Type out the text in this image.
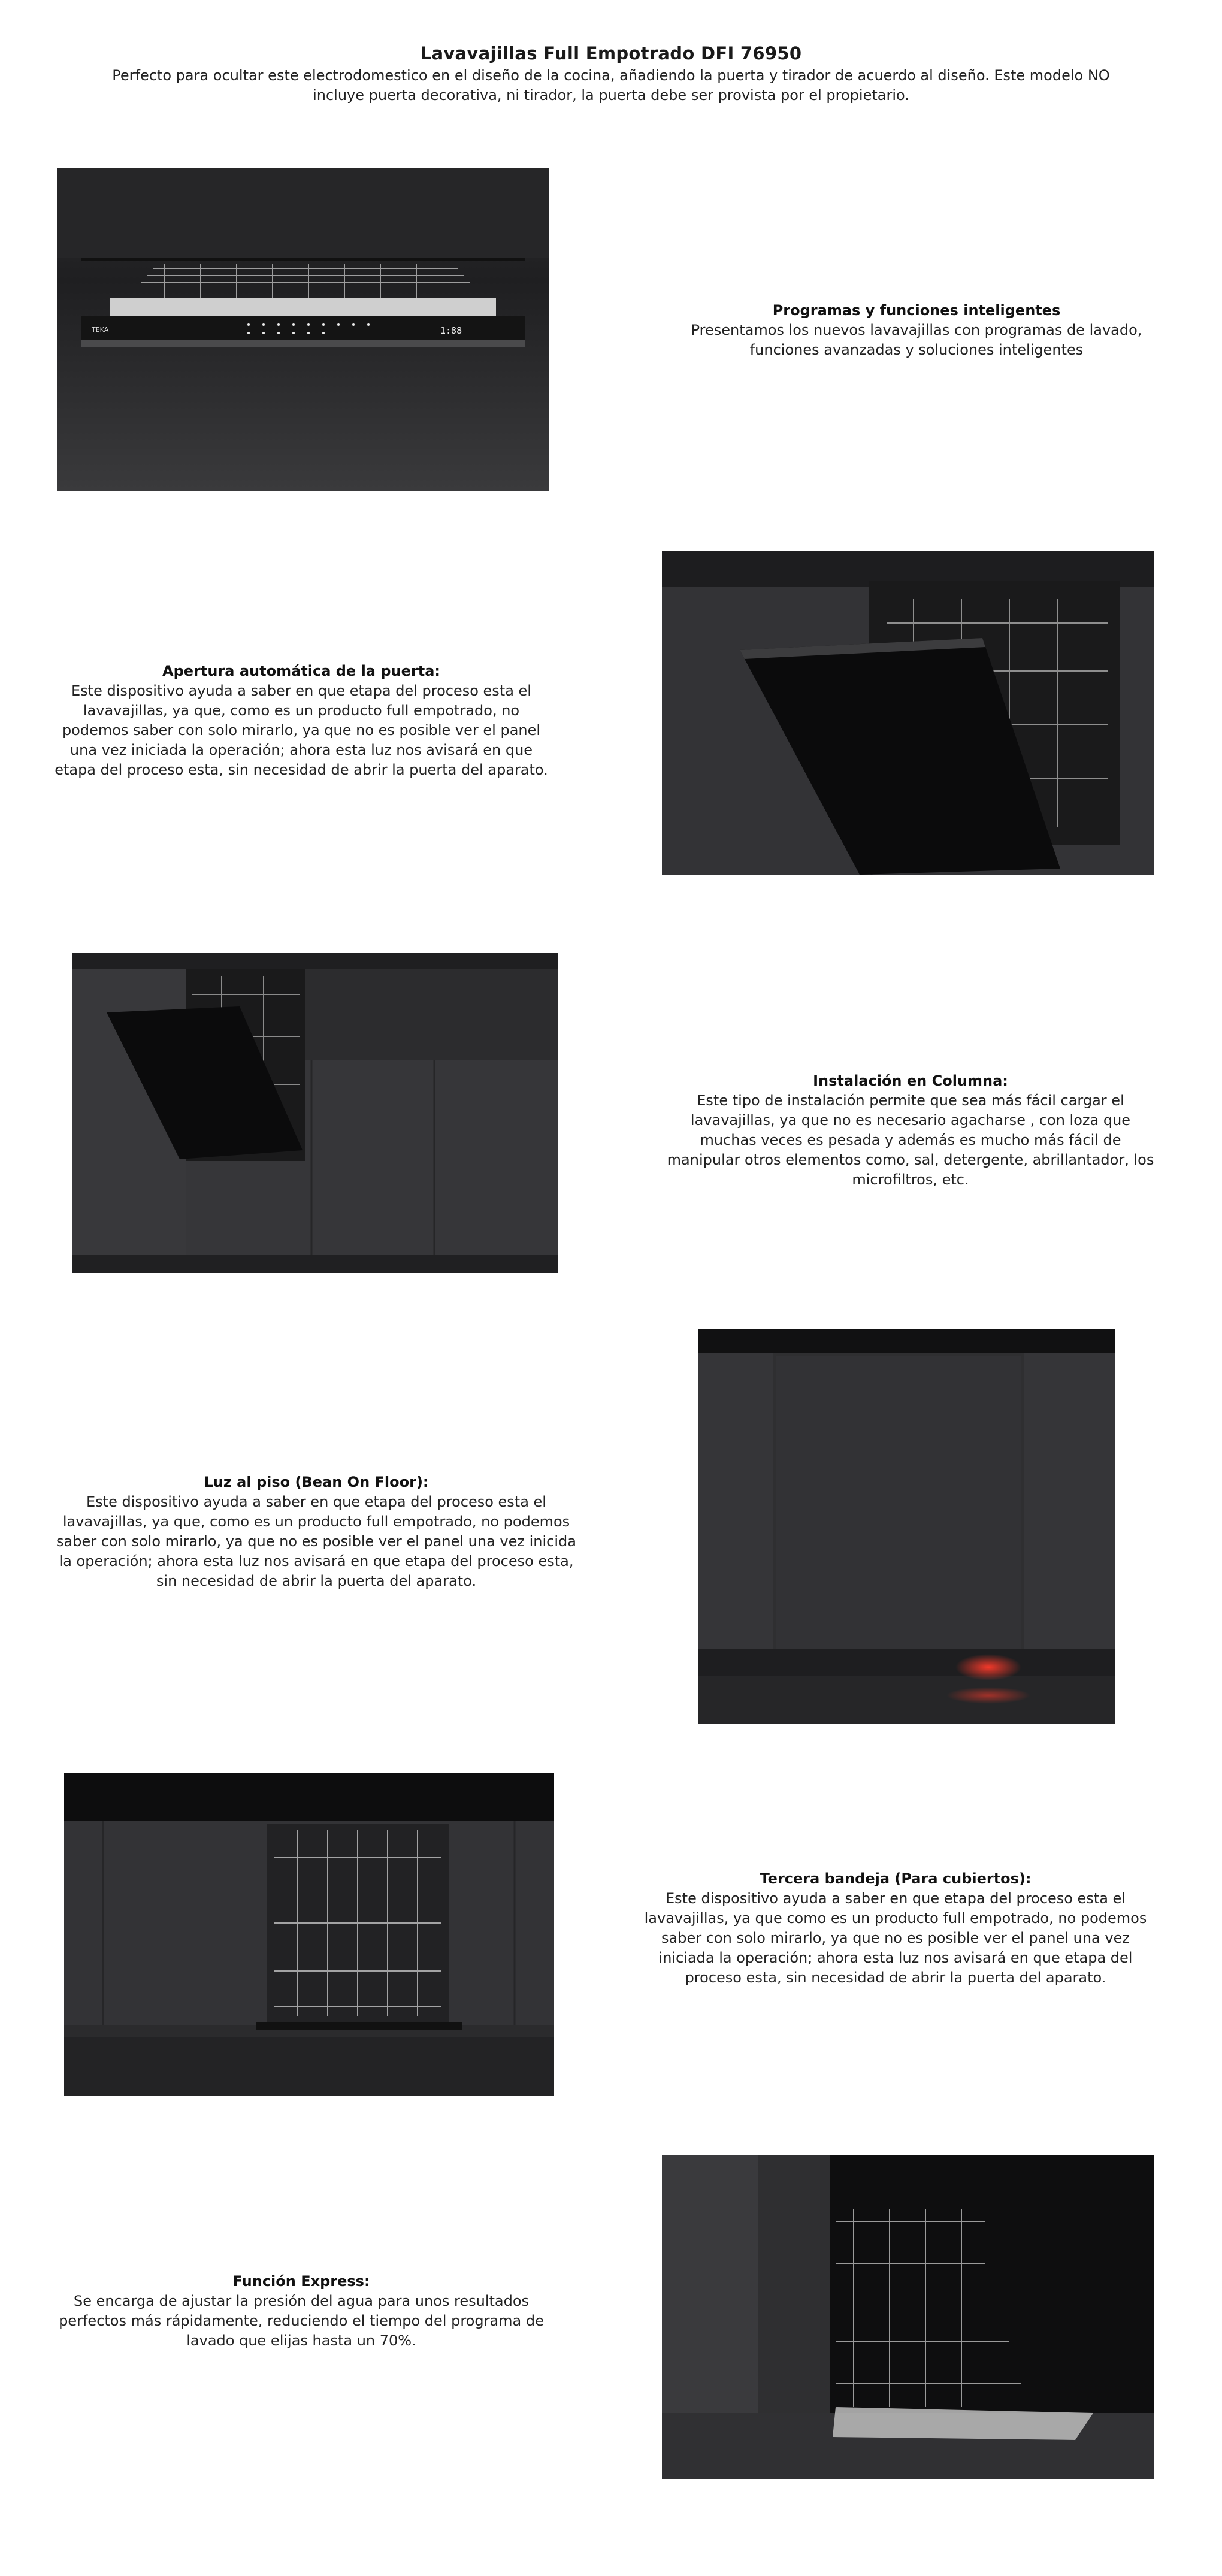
Lavavajillas Full Empotrado DFI 76950

Perfecto para ocultar este electrodomestico en el diseño de la cocina, añadiendo la puerta y tirador de acuerdo al diseño. Este modelo NO incluye puerta decorativa, ni tirador, la puerta debe ser provista por el propietario.

TEKA	1:88
Programas y funciones inteligentes
Presentamos los nuevos lavavajillas con programas de lavado, funciones avanzadas y soluciones inteligentes
Apertura automática de la puerta:
Este dispositivo ayuda a saber en que etapa del proceso esta el lavavajillas, ya que, como es un producto full empotrado, no podemos saber con solo mirarlo, ya que no es posible ver el panel una vez iniciada la operación; ahora esta luz nos avisará en que etapa del proceso esta, sin necesidad de abrir la puerta del aparato.
Instalación en Columna:
Este tipo de instalación permite que sea más fácil cargar el lavavajillas, ya que no es necesario agacharse , con loza que muchas veces es pesada y además es mucho más fácil de manipular otros elementos como, sal, detergente, abrillantador, los microfiltros, etc.
Luz al piso (Bean On Floor):
Este dispositivo ayuda a saber en que etapa del proceso esta el lavavajillas, ya que, como es un producto full empotrado, no podemos saber con solo mirarlo, ya que no es posible ver el panel una vez inicida la operación; ahora esta luz nos avisará en que etapa del proceso esta, sin necesidad de abrir la puerta del aparato.
Tercera bandeja (Para cubiertos):
Este dispositivo ayuda a saber en que etapa del proceso esta el lavavajillas, ya que como es un producto full empotrado, no podemos saber con solo mirarlo, ya que no es posible ver el panel una vez iniciada la operación; ahora esta luz nos avisará en que etapa del proceso esta, sin necesidad de abrir la puerta del aparato.
Función Express:
Se encarga de ajustar la presión del agua para unos resultados perfectos más rápidamente, reduciendo el tiempo del programa de lavado que elijas hasta un 70%.
